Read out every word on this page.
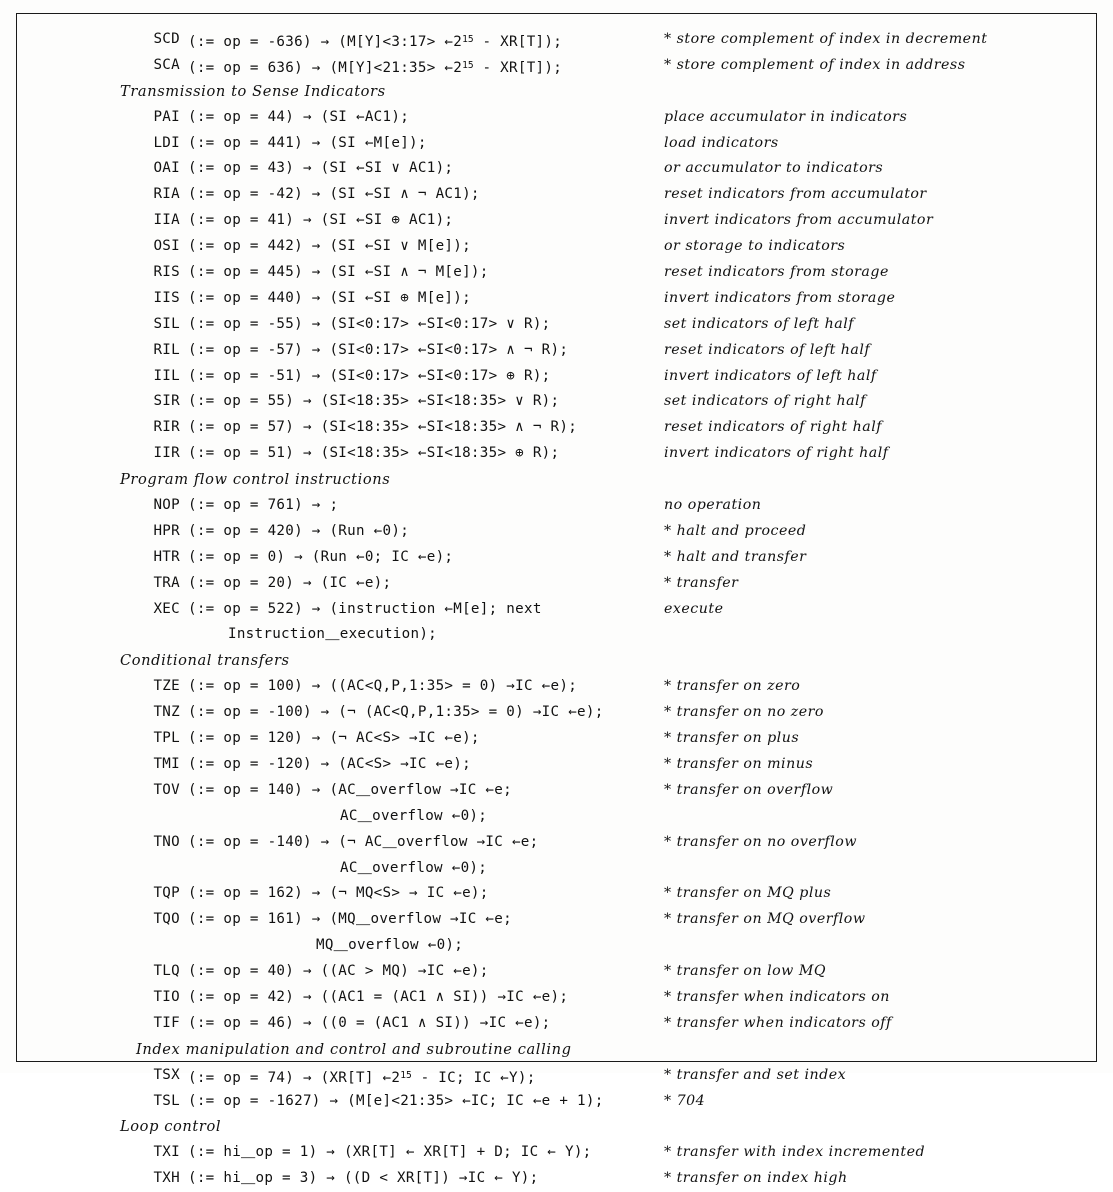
SCD (:= op = -636) → (M[Y]<3:17> $\leftarrow 2^{15} - XR[T]$);	* store complement of index in decrement
SCA (:= op = 636) → (M[Y]<21:35> $\leftarrow 2^{15} - XR[T]$);	* store complement of index in address
Transmission to Sense Indicators
PAI (:= op = 44) → (SI ←AC1);	place accumulator in indicators
LDI (:= op = 441) → (SI ←M[e]);	load indicators
OAI (:= op = 43) → (SI ←SI ∨ AC1);	or accumulator to indicators
RIA (:= op = -42) → (SI ←SI ∧ ¬ AC1);	reset indicators from accumulator
IIA (:= op = 41) → (SI ←SI ⊕ AC1);	invert indicators from accumulator
OSI (:= op = 442) → (SI ←SI ∨ M[e]);	or storage to indicators
RIS (:= op = 445) → (SI ←SI ∧ ¬ M[e]);	reset indicators from storage
IIS (:= op = 440) → (SI ←SI ⊕ M[e]);	invert indicators from storage
SIL (:= op = -55) → (SI<0:17> ←SI<0:17> ∨ R);	set indicators of left half
RIL (:= op = -57) → (SI<0:17> ←SI<0:17> ∧ ¬ R);	reset indicators of left half
IIL (:= op = -51) → (SI<0:17> ←SI<0:17> ⊕ R);	invert indicators of left half
SIR (:= op = 55) → (SI<18:35> ←SI<18:35> ∨ R);	set indicators of right half
RIR (:= op = 57) → (SI<18:35> ←SI<18:35> ∧ ¬ R);	reset indicators of right half
IIR (:= op = 51) → (SI<18:35> ←SI<18:35> ⊕ R);	invert indicators of right half
Program flow control instructions
NOP (:= op = 761) → ;	no operation
HPR (:= op = 420) → (Run ←0);	* halt and proceed
HTR (:= op = 0) → (Run ←0; IC ←e);	* halt and transfer
TRA (:= op = 20) → (IC ←e);	* transfer
XEC (:= op = 522) → (instruction ←M[e]; next	execute
Instruction⸏execution);
Conditional transfers
TZE (:= op = 100) → ((AC<Q,P,1:35> = 0) →IC ←e);	* transfer on zero
TNZ (:= op = -100) → (¬ (AC<Q,P,1:35> = 0) →IC ←e);	* transfer on no zero
TPL (:= op = 120) → (¬ AC<S> →IC ←e);	* transfer on plus
TMI (:= op = -120) → (AC<S> →IC ←e);	* transfer on minus
TOV (:= op = 140) → (AC⸏overflow →IC ←e;	* transfer on overflow
AC⸏overflow ←0);
TNO (:= op = -140) → (¬ AC⸏overflow →IC ←e;	* transfer on no overflow
AC⸏overflow ←0);
TQP (:= op = 162) → (¬ MQ<S> → IC ←e);	* transfer on MQ plus
TQO (:= op = 161) → (MQ⸏overflow →IC ←e;	* transfer on MQ overflow
MQ⸏overflow ←0);
TLQ (:= op = 40) → ((AC > MQ) →IC ←e);	* transfer on low MQ
TIO (:= op = 42) → ((AC1 = (AC1 ∧ SI)) →IC ←e);	* transfer when indicators on
TIF (:= op = 46) → ((0 = (AC1 ∧ SI)) →IC ←e);	* transfer when indicators off
Index manipulation and control and subroutine calling
TSX (:= op = 74) → (XR[T] $\leftarrow 2^{15}$ - IC; IC ←Y);	* transfer and set index
TSL (:= op = -1627) → (M[e]<21:35> ←IC; IC ←e + 1);	* 704
Loop control
TXI (:= hi⸏op = 1) → (XR[T] ← XR[T] + D; IC ← Y);	* transfer with index incremented
TXH (:= hi⸏op = 3) → ((D < XR[T]) →IC ← Y);	* transfer on index high
